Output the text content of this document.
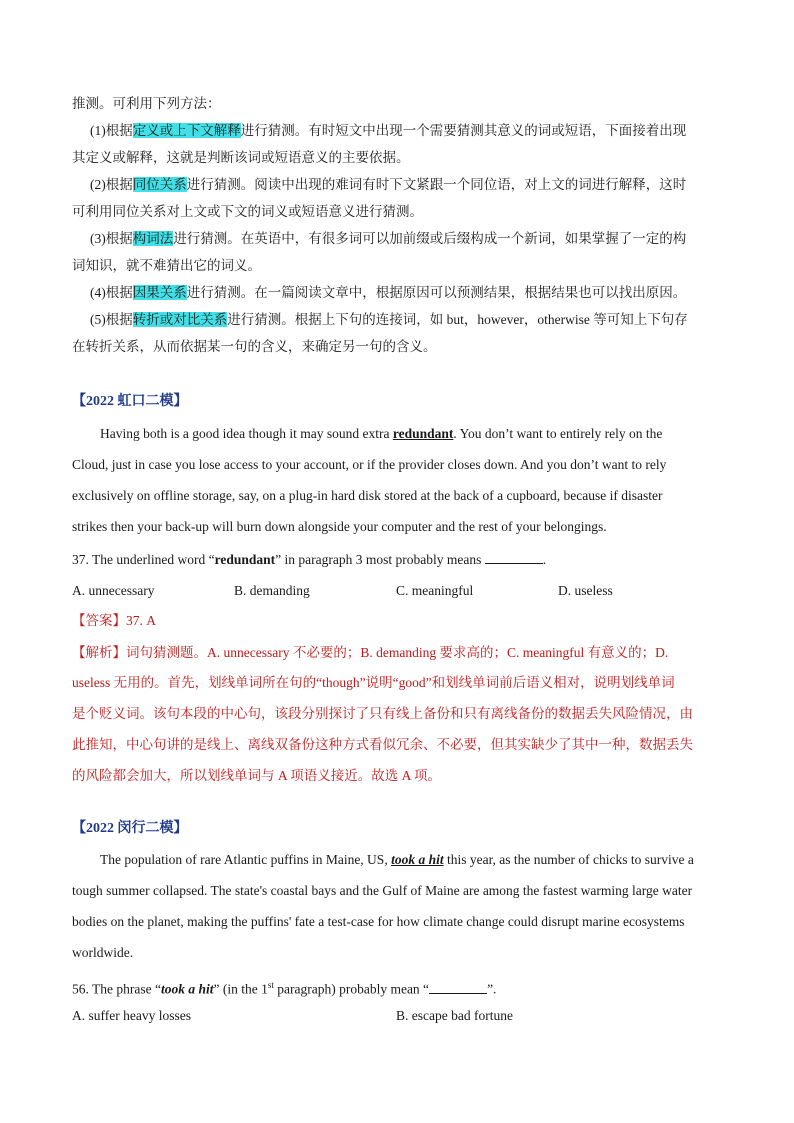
推测。可利用下列方法：
(1)根据定义或上下文解释进行猜测。有时短文中出现一个需要猜测其意义的词或短语，下面接着出现
其定义或解释，这就是判断该词或短语意义的主要依据。
(2)根据同位关系进行猜测。阅读中出现的难词有时下文紧跟一个同位语，对上文的词进行解释，这时
可利用同位关系对上文或下文的词义或短语意义进行猜测。
(3)根据构词法进行猜测。在英语中，有很多词可以加前缀或后缀构成一个新词，如果掌握了一定的构
词知识，就不难猜出它的词义。
(4)根据因果关系进行猜测。在一篇阅读文章中，根据原因可以预测结果，根据结果也可以找出原因。
(5)根据转折或对比关系进行猜测。根据上下句的连接词，如 but，however，otherwise 等可知上下句存
在转折关系，从而依据某一句的含义，来确定另一句的含义。
【2022 虹口二模】
Having both is a good idea though it may sound extra redundant. You don’t want to entirely rely on the
Cloud, just in case you lose access to your account, or if the provider closes down. And you don’t want to rely
exclusively on offline storage, say, on a plug-in hard disk stored at the back of a cupboard, because if disaster
strikes then your back-up will burn down alongside your computer and the rest of your belongings.
37. The underlined word “redundant” in paragraph 3 most probably means	.
A. unnecessary	B. demanding	C. meaningful	D. useless
【答案】37. A
【解析】词句猜测题。A. unnecessary 不必要的；B. demanding 要求高的；C. meaningful 有意义的；D.
useless 无用的。首先，划线单词所在句的“though”说明“good”和划线单词前后语义相对，说明划线单词
是个贬义词。该句本段的中心句，该段分别探讨了只有线上备份和只有离线备份的数据丢失风险情况，由
此推知，中心句讲的是线上、离线双备份这种方式看似冗余、不必要，但其实缺少了其中一种，数据丢失
的风险都会加大，所以划线单词与 A 项语义接近。故选 A 项。
【2022 闵行二模】
The population of rare Atlantic puffins in Maine, US, took a hit this year, as the number of chicks to survive a
tough summer collapsed. The state's coastal bays and the Gulf of Maine are among the fastest warming large water
bodies on the planet, making the puffins' fate a test-case for how climate change could disrupt marine ecosystems
worldwide.
56. The phrase “took a hit” (in the 1st paragraph) probably mean “	”.
A. suffer heavy losses	B. escape bad fortune
